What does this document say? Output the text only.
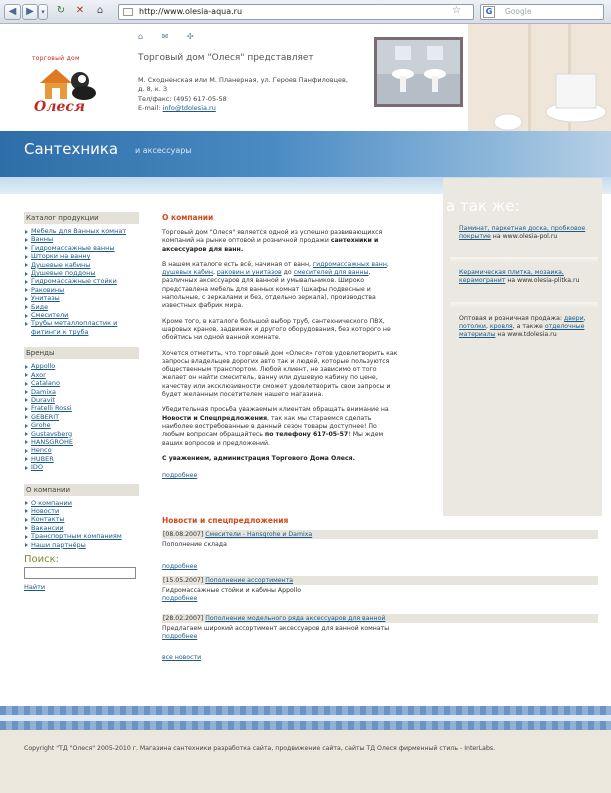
◀ ▶	▾	↻	✕	⌂	http://www.olesia-aqua.ru	☆	G	Google
⌂ ✉ ✣
торговый дом
Олеся
Торговый дом "Олеся" представляет
М. Сходненская или М. Планерная, ул. Героев Панфиловцев,
д. 8, к. 3
Тел/факс: (495) 617-05-58
E-mail: info@tdolesia.ru
Сантехника и аксессуары
Каталог продукции
Мебель для Ванных комнат
Ванны
Гидромассажные ванны
Шторки на ванну
Душевые кабины
Душевые поддоны
Гидромассажные стойки
Раковины
Унитазы
Биде
Смесители
Трубы металлопластик и фитинги к труба
Бренды
Appollo
Axor
Catalano
Damixa
Duravit
Fratelli Rossi
GEBERIT
Grohe
Gustavsberg
HANSGROHE
Henco
HUBER
IDO
О компании
О компании
Новости
Контакты
Вакансии
Транспортным компаниям
Наши партнёры
Поиск:
Найти
О компании

Торговый дом "Олеся" является одной из успешно развивающихся компаний на рынке оптовой и розничной продажи сантехники и аксессуаров для ванн.

В нашем каталоге есть всё, начиная от ванн, гидромассажных ванн, душевых кабин, раковин и унитазов до смесителей для ванны, различных аксессуаров для ванной и умывальников. Широко представлена мебель для ванных комнат (шкафы подвесные и напольные, с зеркалами и без, отдельно зеркала), производства известных фабрик мира.

Кроме того, в каталоге большой выбор труб, сантехнического ПВХ, шаровых кранов, задвижек и другого оборудования, без которого не обойтись ни одной ванной комнате.

Хочется отметить, что торговый дом «Олеся» готов удовлетворить как запросы владельцев дорогих авто так и людей, которые пользуются общественным транспортом. Любой клиент, не зависимо от того желает он найти смеситель, ванну или душевую кабину по цене, качеству или эксклюзивности сможет удовлетворить свои запросы и будет желанным посетителем нашего магазина.

Убедительная просьба уважаемым клиентам обращать внимание на Новости и Спецпредложения, так как мы стараемся сделать наиболее востребованные в данный сезон товары доступнее! По любым вопросам обращайтесь по телефону 617-05-57! Мы ждем ваших вопросов и предложений.

С уважением, администрация Торгового Дома Олеся.

подробнее

а так же:
Паминат, паркетная доска, пробковое покрытие на www.olesia-pol.ru
Керамическая плитка, мозаика, керамогранит на www.olesia-plitka.ru
Оптовая и розничная продажа: двери, потолки, кровля, а также отделочные материалы на www.tdolesia.ru
Новости и спецпредложения
[08.08.2007] Смесители - Hansgrohe и Damixa
Пополнение склада
подробнее
[15.05.2007] Пополнение ассортимента
Гидромассажные стойки и кабины Appollo
подробнее
[28.02.2007] Пополнение модельного ряда аксессуаров для ванной
Предлагаем широкий ассортимент аксессуаров для ванной комнаты
подробнее
все новости
Copyright "ТД "Олеся" 2005-2010 г. Магазина сантехники разработка сайта, продвижение сайта, сайты ТД Олеся фирменный стиль - InterLabs.
